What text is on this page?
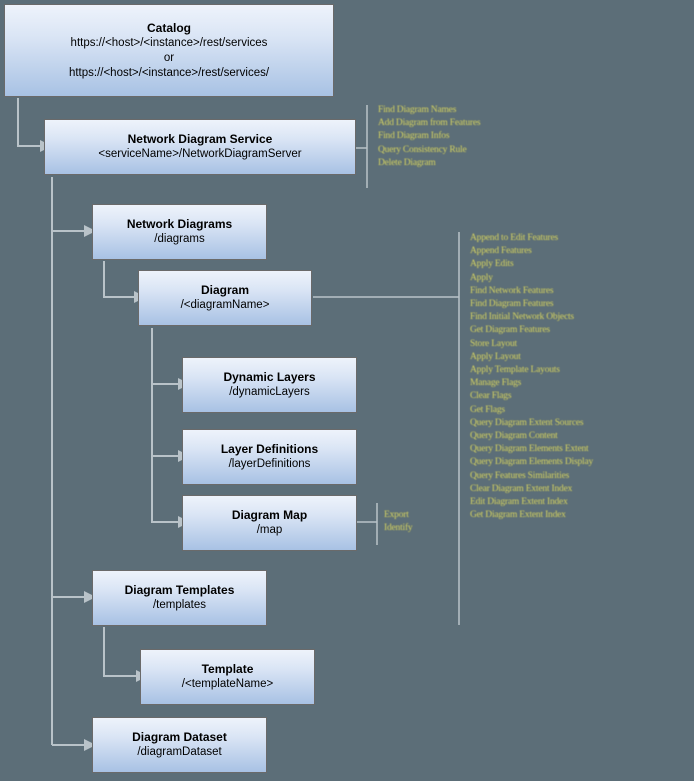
Catalog
https://<host>/<instance>/rest/services
or
https://<host>/<instance>/rest/services/
Network Diagram Service
<serviceName>/NetworkDiagramServer
Network Diagrams
/diagrams
Diagram
/<diagramName>
Dynamic Layers
/dynamicLayers
Layer Definitions
/layerDefinitions
Diagram Map
/map
Diagram Templates
/templates
Template
/<templateName>
Diagram Dataset
/diagramDataset
Find Diagram Names
Add Diagram from Features
Find Diagram Infos
Query Consistency Rule
Delete Diagram
Append to Edit Features
Append Features
Apply Edits
Apply
Find Network Features
Find Diagram Features
Find Initial Network Objects
Get Diagram Features
Store Layout
Apply Layout
Apply Template Layouts
Manage Flags
Clear Flags
Get Flags
Query Diagram Extent Sources
Query Diagram Content
Query Diagram Elements Extent
Query Diagram Elements Display
Query Features Similarities
Clear Diagram Extent Index
Edit Diagram Extent Index
Get Diagram Extent Index
Export
Identify
